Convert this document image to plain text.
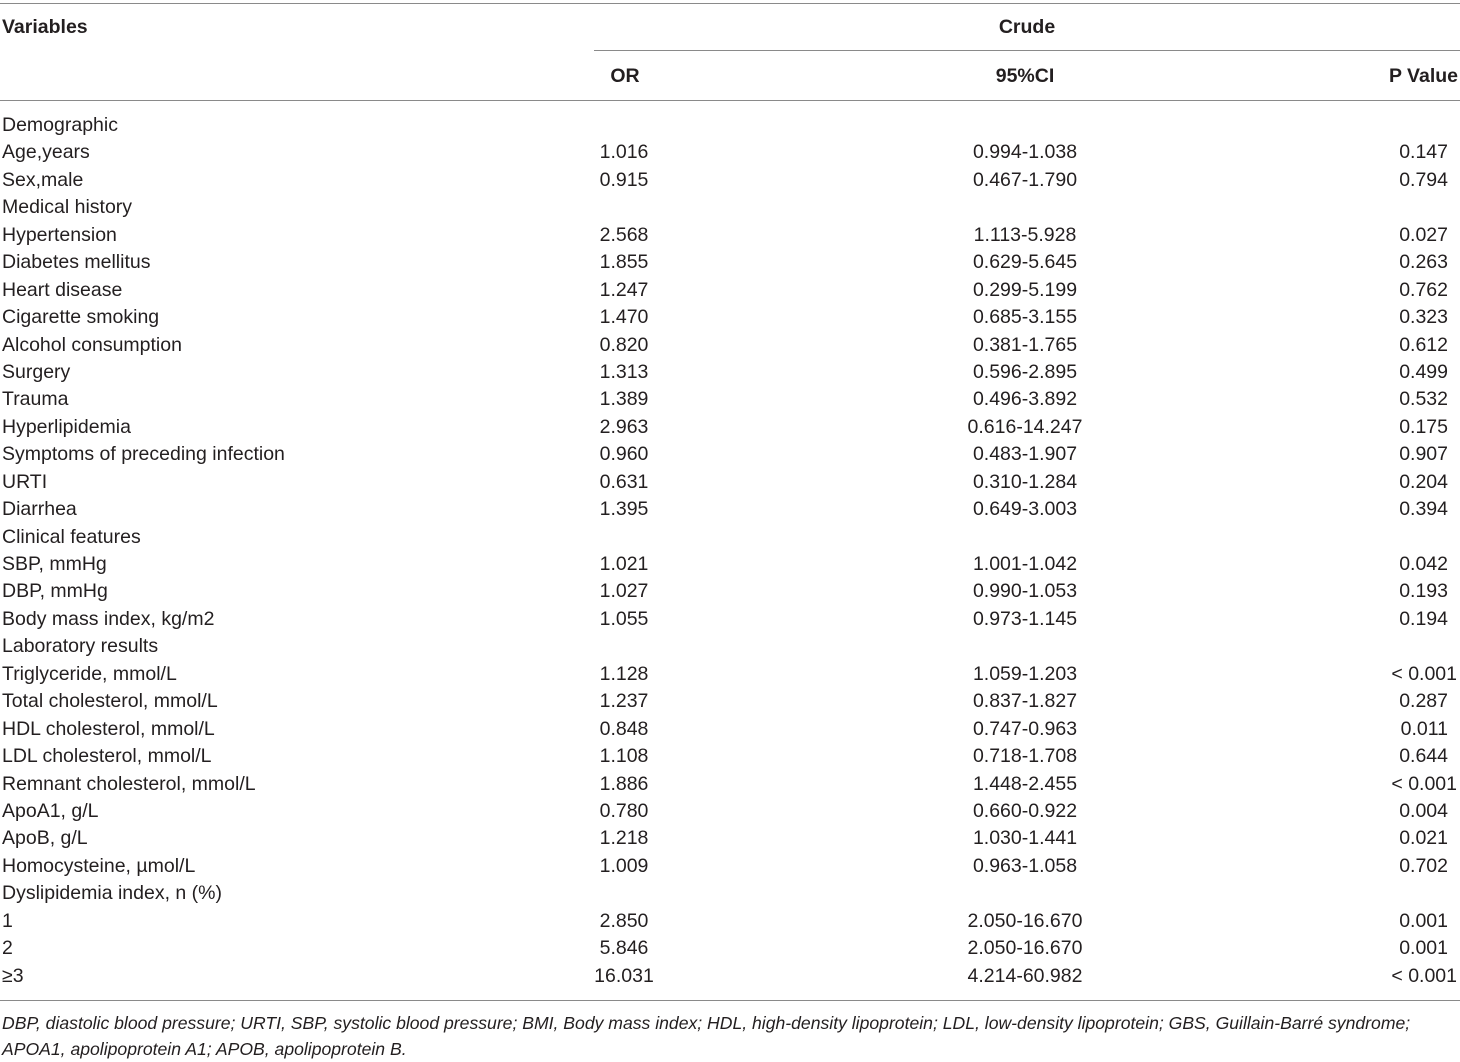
Variables	Crude
OR	95%CI	P Value
Demographic
Age,years	1.016	0.994-1.038	0.147
Sex,male	0.915	0.467-1.790	0.794
Medical history
Hypertension	2.568	1.113-5.928	0.027
Diabetes mellitus	1.855	0.629-5.645	0.263
Heart disease	1.247	0.299-5.199	0.762
Cigarette smoking	1.470	0.685-3.155	0.323
Alcohol consumption	0.820	0.381-1.765	0.612
Surgery	1.313	0.596-2.895	0.499
Trauma	1.389	0.496-3.892	0.532
Hyperlipidemia	2.963	0.616-14.247	0.175
Symptoms of preceding infection	0.960	0.483-1.907	0.907
URTI	0.631	0.310-1.284	0.204
Diarrhea	1.395	0.649-3.003	0.394
Clinical features
SBP, mmHg	1.021	1.001-1.042	0.042
DBP, mmHg	1.027	0.990-1.053	0.193
Body mass index, kg/m2	1.055	0.973-1.145	0.194
Laboratory results
Triglyceride, mmol/L	1.128	1.059-1.203	< 0.001
Total cholesterol, mmol/L	1.237	0.837-1.827	0.287
HDL cholesterol, mmol/L	0.848	0.747-0.963	0.011
LDL cholesterol, mmol/L	1.108	0.718-1.708	0.644
Remnant cholesterol, mmol/L	1.886	1.448-2.455	< 0.001
ApoA1, g/L	0.780	0.660-0.922	0.004
ApoB, g/L	1.218	1.030-1.441	0.021
Homocysteine, µmol/L	1.009	0.963-1.058	0.702
Dyslipidemia index, n (%)
1	2.850	2.050-16.670	0.001
2	5.846	2.050-16.670	0.001
≥3	16.031	4.214-60.982	< 0.001
DBP, diastolic blood pressure; URTI, SBP, systolic blood pressure; BMI, Body mass index; HDL, high-density lipoprotein; LDL, low-density lipoprotein; GBS, Guillain-Barré syndrome; APOA1, apolipoprotein A1; APOB, apolipoprotein B.
